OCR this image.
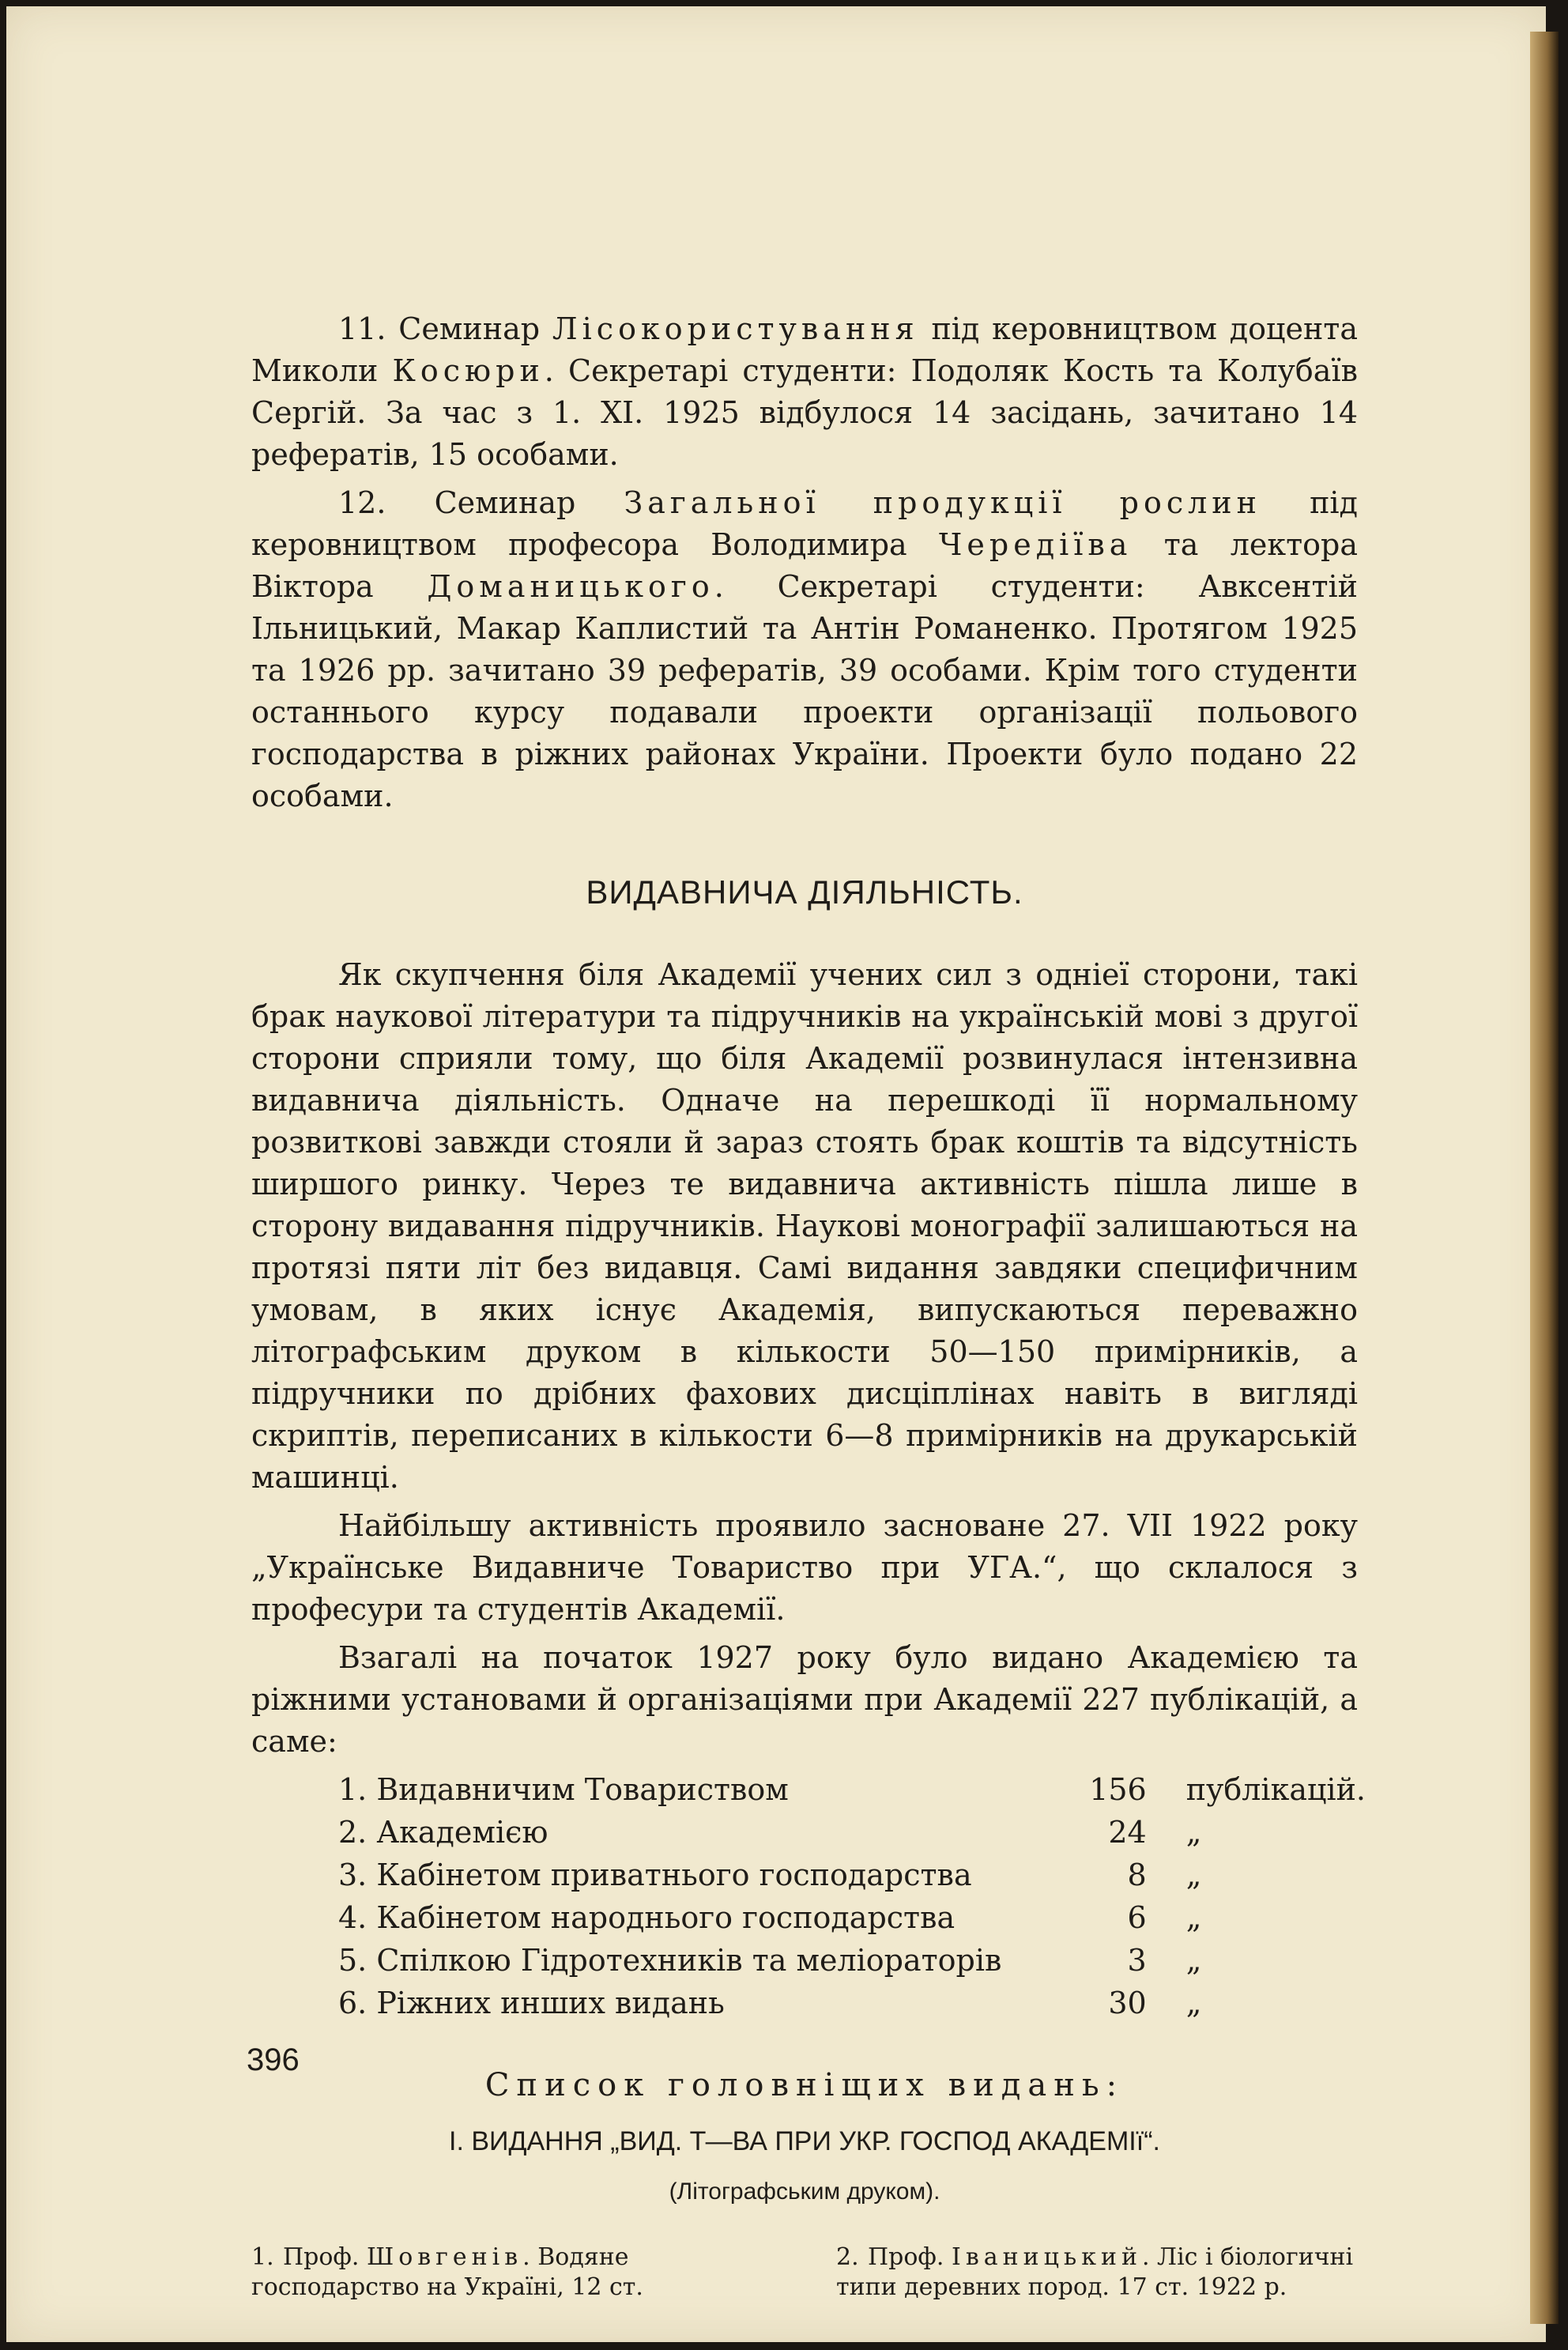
11. Семинар Лісокористування під керовництвом доцента Миколи Косюри. Секретарі студенти: Подоляк Кость та Колубаїв Сергій. За час з 1. XI. 1925 відбулося 14 засідань, зачитано 14 рефератів, 15 особами.

12. Семинар Загальної продукції рослин під керовництвом професора Володимира Чередіїва та лектора Віктора Доманицького. Секретарі студенти: Авксентій Ільницький, Макар Каплистий та Антін Романенко. Протягом 1925 та 1926 рр. зачитано 39 рефератів, 39 особами. Крім того студенти останнього курсу подавали проекти організації польового господарства в ріжних районах України. Проекти було подано 22 особами.

ВИДАВНИЧА ДІЯЛЬНІСТЬ.

Як скупчення біля Академії учених сил з одніеї сторони, такі брак наукової літератури та підручників на українській мові з другої сторони сприяли тому, що біля Академії розвинулася інтензивна видавнича діяльність. Одначе на перешкоді її нормальному розвиткові завжди стояли й зараз стоять брак коштів та відсутність ширшого ринку. Через те видавнича активність пішла лише в сторону видавання підручників. Наукові монографії залишаються на протязі пяти літ без видавця. Самі видання завдяки специфичним умовам, в яких існує Академія, випускаються переважно літографським друком в кількости 50—150 примірників, а підручники по дрібних фахових дисціплінах навіть в вигляді скриптів, переписаних в кількости 6—8 примірників на друкарській машинці.

Найбільшу активність проявило засноване 27. VII 1922 року „Українське Видавниче Товариство при УГА.“, що склалося з професури та студентів Академії.

Взагалі на початок 1927 року було видано Академією та ріжними установами й організаціями при Академії 227 публікацій, а саме:

1. Видавничим Товариством	156	публікацій.
2. Академією	24	„
3. Кабінетом приватнього господарства	8	„
4. Кабінетом народнього господарства	6	„
5. Спілкою Гідротехників та меліораторів	3	„
6. Ріжних инших видань	30	„
Список головніщих видань:
I. ВИДАННЯ „ВИД. Т—ВА ПРИ УКР. ГОСПОД АКАДЕМІї“.
(Літографським друком).
1. Проф. Шовгенів. Водяне господарство на Україні, 12 ст.
2. Проф. Іваницький. Ліс і біологичні типи деревних пород. 17 ст. 1922 р.
396
